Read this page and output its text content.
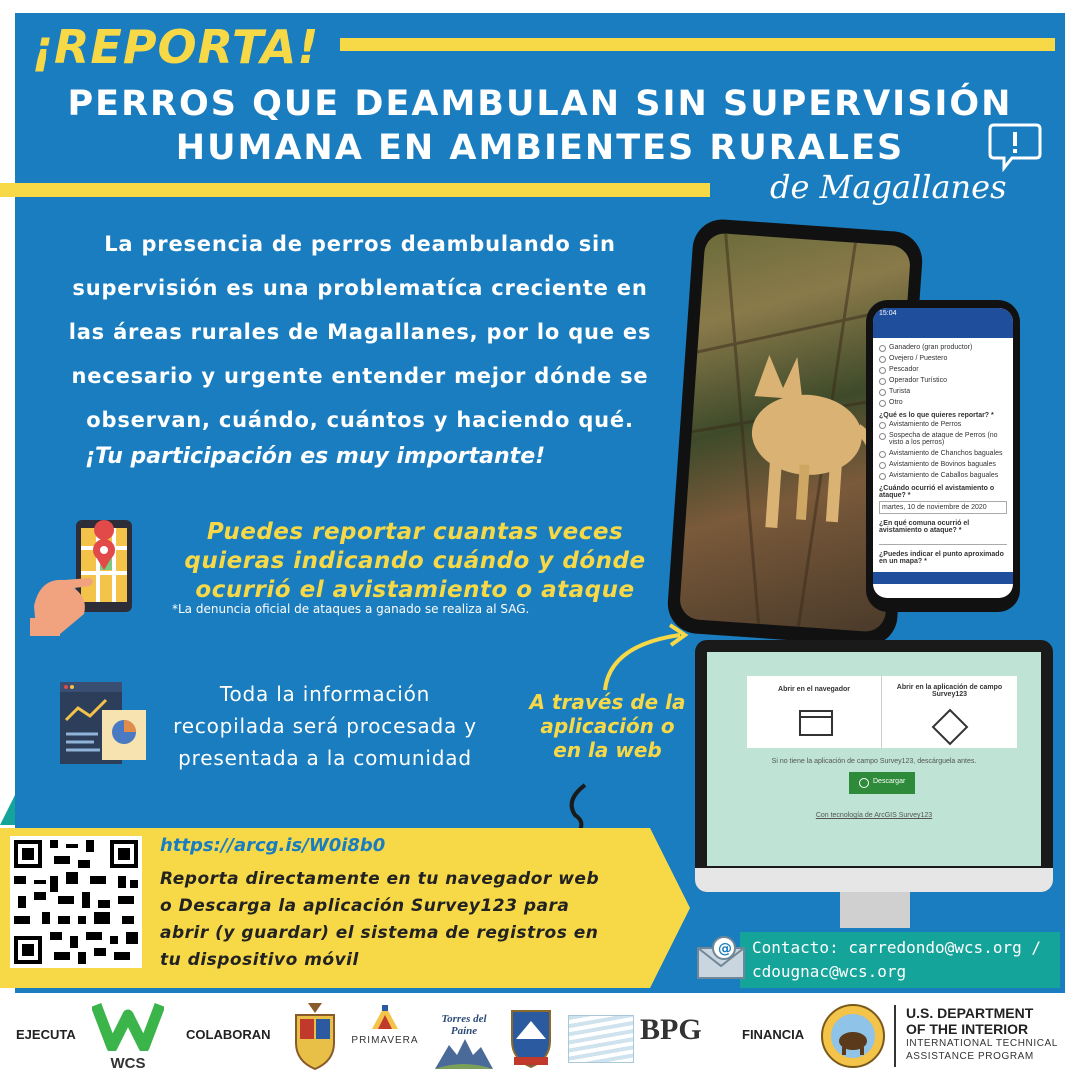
¡REPORTA!
PERROS QUE DEAMBULAN SIN SUPERVISIÓN
HUMANA EN AMBIENTES RURALES
de Magallanes
La presencia de perros deambulando sin
supervisión es una problematíca creciente en
las áreas rurales de Magallanes, por lo que es
necesario y urgente entender mejor dónde se
observan, cuándo, cuántos y haciendo qué.
¡Tu participación es muy importante!
Puedes reportar cuantas veces
quieras indicando cuándo y dónde
ocurrió el avistamiento o ataque
*La denuncia oficial de ataques a ganado se realiza al SAG.
Toda la información
recopilada será procesada y
presentada a la comunidad
A través de la
aplicación o
en la web
15:04
Ganadero (gran productor)
Ovejero / Puestero
Pescador
Operador Turístico
Turista
Otro
¿Qué es lo que quieres reportar? *
Avistamiento de Perros
Sospecha de ataque de Perros (no visto a los perros)
Avistamiento de Chanchos baguales
Avistamiento de Bovinos baguales
Avistamiento de Caballos baguales
¿Cuándo ocurrió el avistamiento o ataque? *
martes, 10 de noviembre de 2020
¿En qué comuna ocurrió el avistamiento o ataque? *
¿Puedes indicar el punto aproximado en un mapa? *
Abrir en el navegador	Abrir en la aplicación de campo Survey123
Si no tiene la aplicación de campo Survey123, descárguela antes.
Descargar
Con tecnología de ArcGIS Survey123
https://arcg.is/W0i8b0
Reporta directamente en tu navegador web
o Descarga la aplicación Survey123 para
abrir (y guardar) el sistema de registros en
tu dispositivo móvil
@ Contacto: carredondo@wcs.org /
cdougnac@wcs.org
EJECUTA
WCS
COLABORAN	PRIMAVERA
Torres del Paine	BPG	FINANCIA
U.S. DEPARTMENT
OF THE INTERIOR
INTERNATIONAL TECHNICAL
ASSISTANCE PROGRAM
